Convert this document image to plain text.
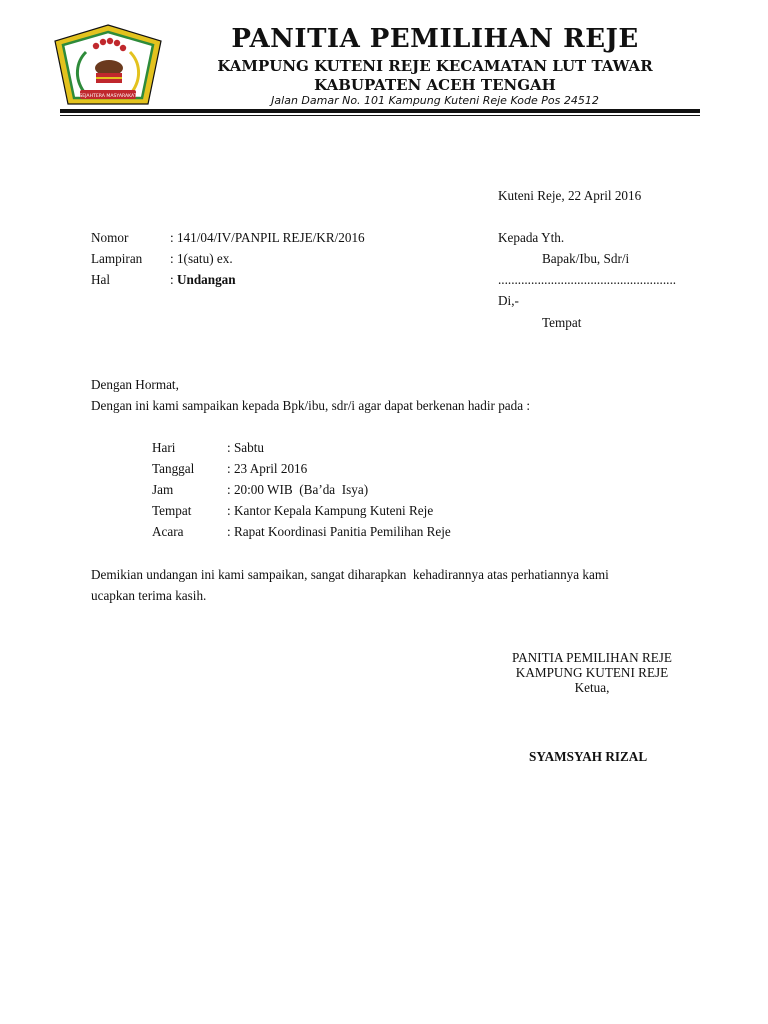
SEJAHTERA MASYARAKAT
PANITIA PEMILIHAN REJE
KAMPUNG KUTENI REJE KECAMATAN LUT TAWAR
KABUPATEN ACEH TENGAH
Jalan Damar No. 101 Kampung Kuteni Reje Kode Pos 24512
Kuteni Reje, 22 April 2016
Nomor	: 141/04/IV/PANPIL REJE/KR/2016
Lampiran : 1(satu) ex.
Hal	: Undangan
Kepada Yth.
Bapak/Ibu, Sdr/i
......................................................
Di,-
Tempat
Dengan Hormat,
Dengan ini kami sampaikan kepada Bpk/ibu, sdr/i agar dapat berkenan hadir pada :
Hari	: Sabtu
Tanggal : 23 April 2016
Jam	: 20:00 WIB  (Ba’da  Isya)
Tempat	: Kantor Kepala Kampung Kuteni Reje
Acara	: Rapat Koordinasi Panitia Pemilihan Reje
Demikian undangan ini kami sampaikan, sangat diharapkan  kehadirannya atas perhatiannya kami
ucapkan terima kasih.
PANITIA PEMILIHAN REJE
KAMPUNG KUTENI REJE
Ketua,
SYAMSYAH RIZAL
